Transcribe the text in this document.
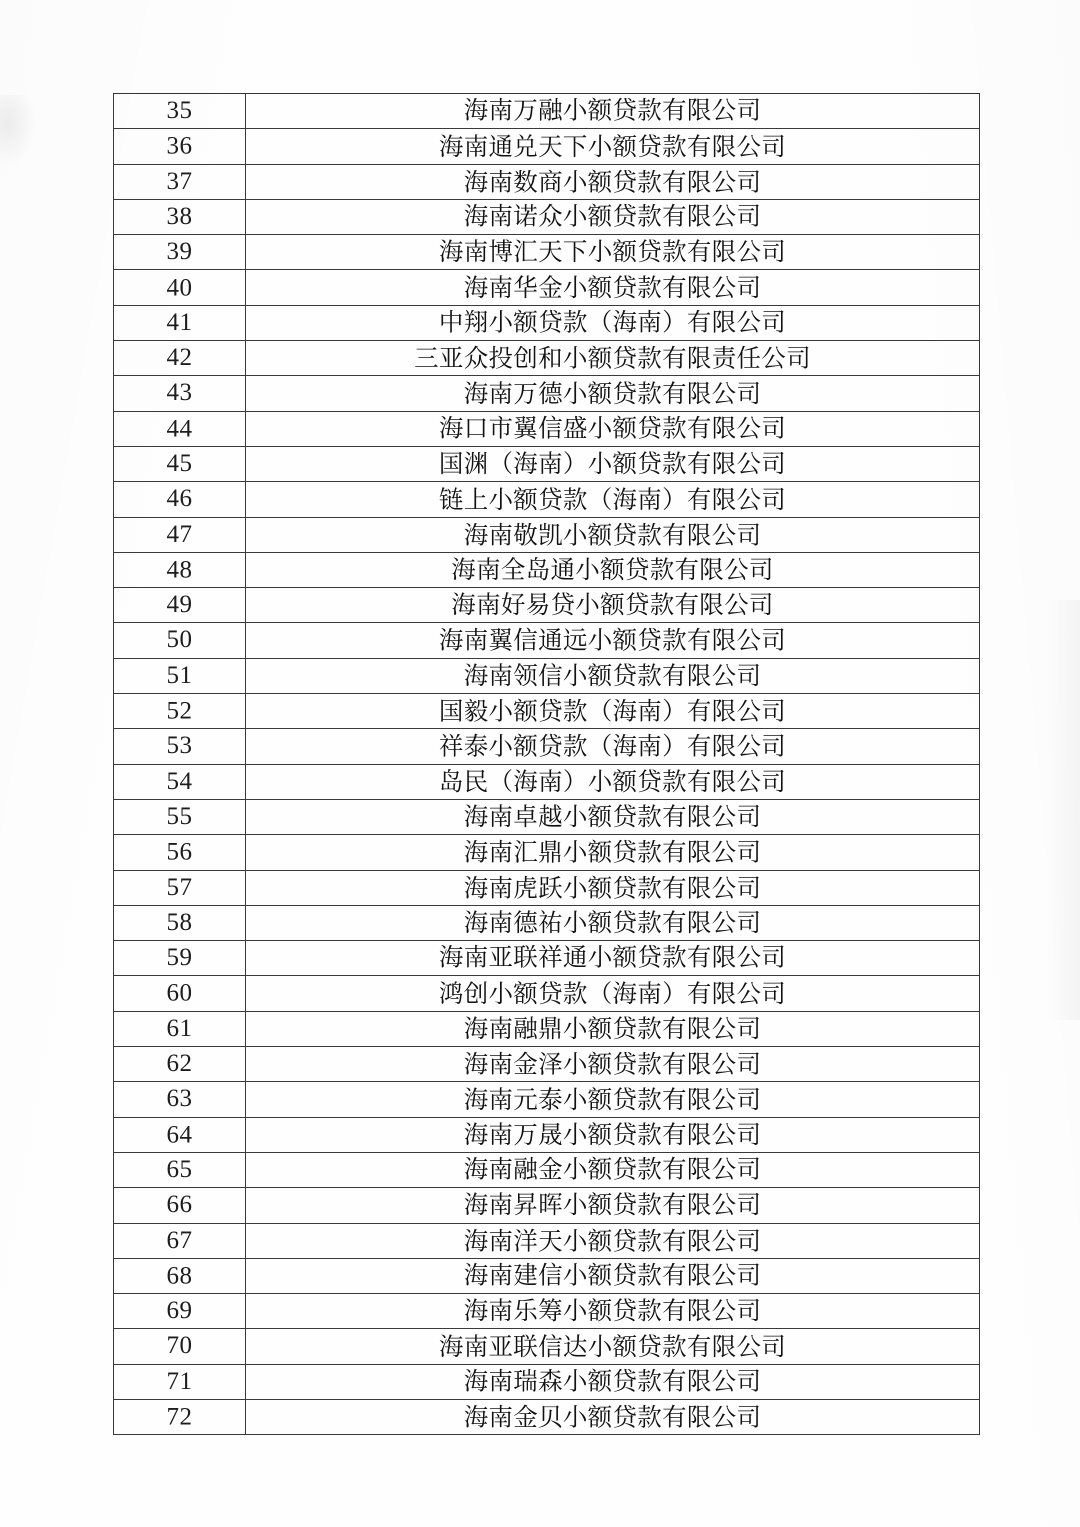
35	海南万融小额贷款有限公司
36	海南通兑天下小额贷款有限公司
37	海南数商小额贷款有限公司
38	海南诺众小额贷款有限公司
39	海南博汇天下小额贷款有限公司
40	海南华金小额贷款有限公司
41	中翔小额贷款（海南）有限公司
42	三亚众投创和小额贷款有限责任公司
43	海南万德小额贷款有限公司
44	海口市翼信盛小额贷款有限公司
45	国渊（海南）小额贷款有限公司
46	链上小额贷款（海南）有限公司
47	海南敬凯小额贷款有限公司
48	海南全岛通小额贷款有限公司
49	海南好易贷小额贷款有限公司
50	海南翼信通远小额贷款有限公司
51	海南领信小额贷款有限公司
52	国毅小额贷款（海南）有限公司
53	祥泰小额贷款（海南）有限公司
54	岛民（海南）小额贷款有限公司
55	海南卓越小额贷款有限公司
56	海南汇鼎小额贷款有限公司
57	海南虎跃小额贷款有限公司
58	海南德祐小额贷款有限公司
59	海南亚联祥通小额贷款有限公司
60	鸿创小额贷款（海南）有限公司
61	海南融鼎小额贷款有限公司
62	海南金泽小额贷款有限公司
63	海南元泰小额贷款有限公司
64	海南万晟小额贷款有限公司
65	海南融金小额贷款有限公司
66	海南昇晖小额贷款有限公司
67	海南洋天小额贷款有限公司
68	海南建信小额贷款有限公司
69	海南乐筹小额贷款有限公司
70	海南亚联信达小额贷款有限公司
71	海南瑞森小额贷款有限公司
72	海南金贝小额贷款有限公司
